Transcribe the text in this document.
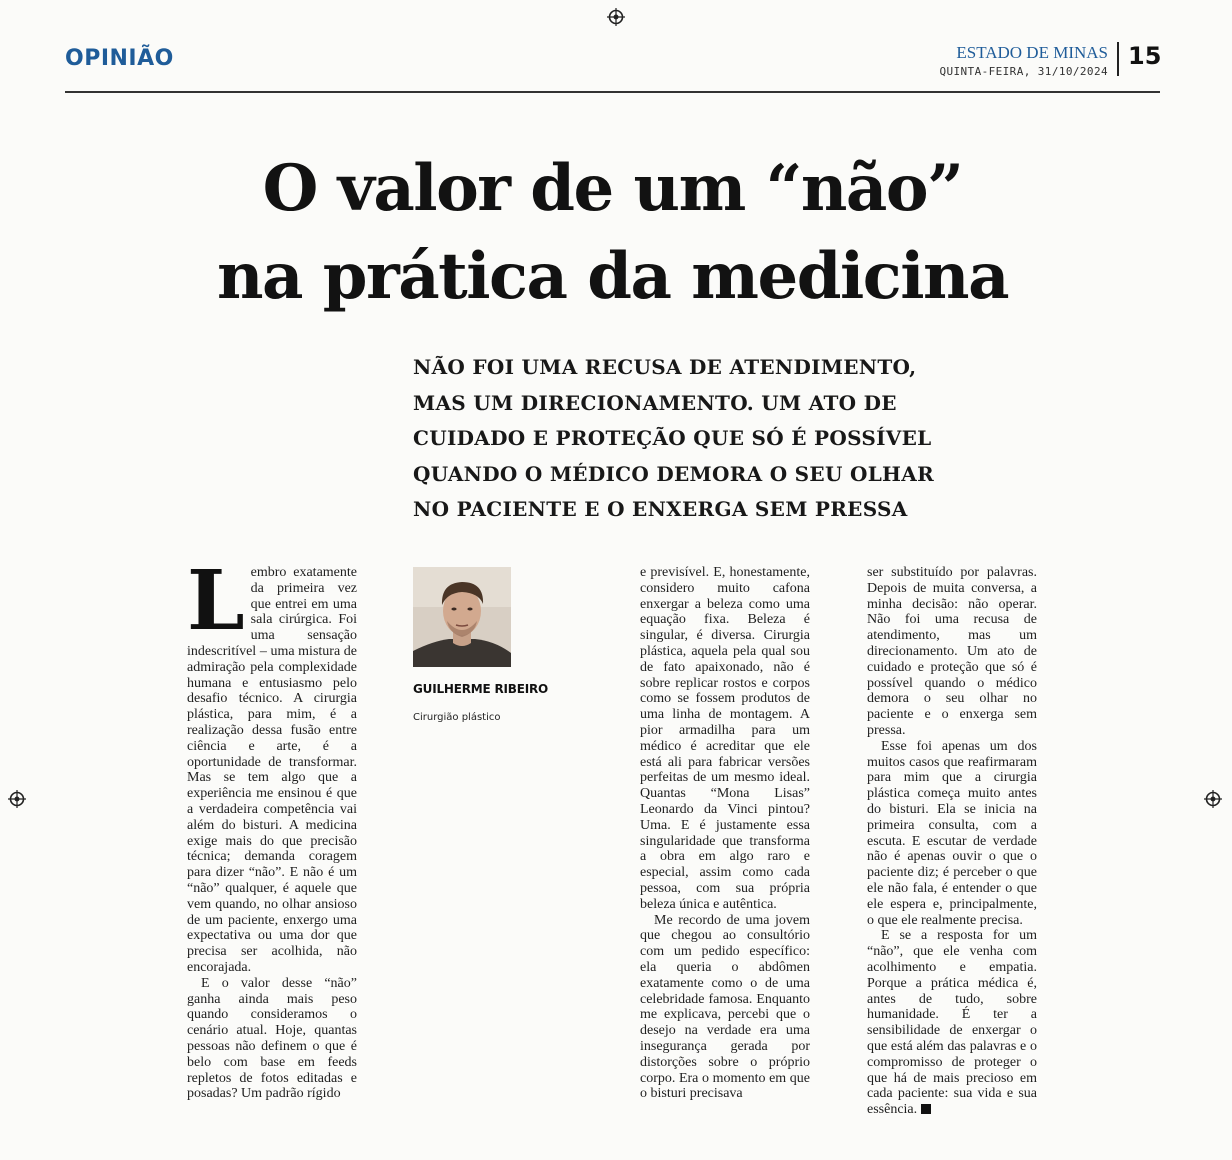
OPINIÃO	ESTADO DE MINAS
QUINTA-FEIRA, 31/10/2024
15
O valor de um “não”
na prática da medicina

NÃO FOI UMA RECUSA DE ATENDIMENTO, MAS UM DIRECIONAMENTO. UM ATO DE CUIDADO E PROTEÇÃO QUE SÓ É POSSÍVEL QUANDO O MÉDICO DEMORA O SEU OLHAR NO PACIENTE E O ENXERGA SEM PRESSA

GUILHERME RIBEIRO
Cirurgião plástico

Lembro exatamente da primeira vez que entrei em uma sala cirúrgica. Foi uma sensação indescritível – uma mistura de admiração pela complexidade humana e entusiasmo pelo desafio técnico. A cirurgia plástica, para mim, é a realização dessa fusão entre ciência e arte, é a oportunidade de transformar. Mas se tem algo que a experiência me ensinou é que a verdadeira competência vai além do bisturi. A medicina exige mais do que precisão técnica; demanda coragem para dizer “não”. E não é um “não” qualquer, é aquele que vem quando, no olhar ansioso de um paciente, enxergo uma expectativa ou uma dor que precisa ser acolhida, não encorajada.

E o valor desse “não” ganha ainda mais peso quando consideramos o cenário atual. Hoje, quantas pessoas não definem o que é belo com base em feeds repletos de fotos editadas e posadas? Um padrão rígido

e previsível. E, honestamente, considero muito cafona enxergar a beleza como uma equação fixa. Beleza é singular, é diversa. Cirurgia plástica, aquela pela qual sou de fato apaixonado, não é sobre replicar rostos e corpos como se fossem produtos de uma linha de montagem. A pior armadilha para um médico é acreditar que ele está ali para fabricar versões perfeitas de um mesmo ideal. Quantas “Mona Lisas” Leonardo da Vinci pintou? Uma. E é justamente essa singularidade que transforma a obra em algo raro e especial, assim como cada pessoa, com sua própria beleza única e autêntica.

Me recordo de uma jovem que chegou ao consultório com um pedido específico: ela queria o abdômen exatamente como o de uma celebridade famosa. Enquanto me explicava, percebi que o desejo na verdade era uma insegurança gerada por distorções sobre o próprio corpo. Era o momento em que o bisturi precisava

ser substituído por palavras. Depois de muita conversa, a minha decisão: não operar. Não foi uma recusa de atendimento, mas um direcionamento. Um ato de cuidado e proteção que só é possível quando o médico demora o seu olhar no paciente e o enxerga sem pressa.

Esse foi apenas um dos muitos casos que reafirmaram para mim que a cirurgia plástica começa muito antes do bisturi. Ela se inicia na primeira consulta, com a escuta. E escutar de verdade não é apenas ouvir o que o paciente diz; é perceber o que ele não fala, é entender o que ele espera e, principalmente, o que ele realmente precisa.

E se a resposta for um “não”, que ele venha com acolhimento e empatia. Porque a prática médica é, antes de tudo, sobre humanidade. É ter a sensibilidade de enxergar o que está além das palavras e o compromisso de proteger o que há de mais precioso em cada paciente: sua vida e sua essência.
